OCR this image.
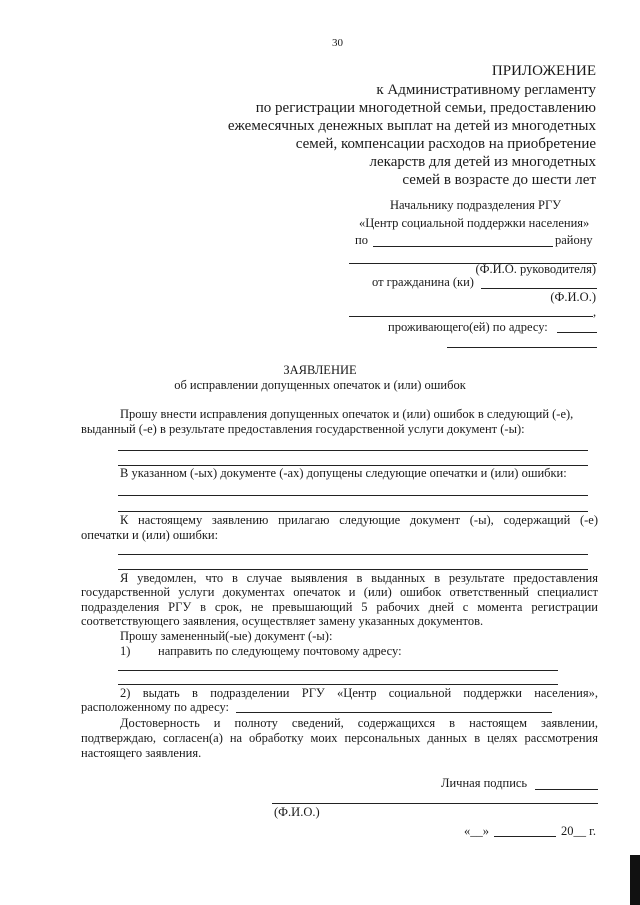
30
ПРИЛОЖЕНИЕ
к Административному регламенту
по регистрации многодетной семьи, предоставлению
ежемесячных денежных выплат на детей из многодетных
семей, компенсации расходов на приобретение
лекарств для детей из многодетных
семей в возрасте до шести лет
Начальнику подразделения РГУ
«Центр социальной поддержки населения»
по	району
(Ф.И.О. руководителя)
от гражданина (ки)
(Ф.И.О.)
,
проживающего(ей) по адресу:
ЗАЯВЛЕНИЕ
об исправлении допущенных опечаток и (или) ошибок
Прошу внести исправления допущенных опечаток и (или) ошибок в следующий (-е),
выданный (-е) в результате предоставления государственной услуги документ (-ы):
В указанном (-ых) документе (-ах) допущены следующие опечатки и (или) ошибки:
К настоящему заявлению прилагаю следующие документ (-ы), содержащий (-е)
опечатки и (или) ошибки:
Я уведомлен, что в случае выявления в выданных в результате предоставления
государственной услуги документах опечаток и (или) ошибок ответственный специалист
подразделения РГУ в срок, не превышающий 5 рабочих дней с момента регистрации
соответствующего заявления, осуществляет замену указанных документов.
Прошу замененный(-ые) документ (-ы):
1) направить по следующему почтовому адресу:
2) выдать в подразделении РГУ «Центр социальной поддержки населения»,
расположенному по адресу:
Достоверность и полноту сведений, содержащихся в настоящем заявлении,
подтверждаю, согласен(а) на обработку моих персональных данных в целях рассмотрения
настоящего заявления.
Личная подпись
(Ф.И.О.)
«__»	20__ г.
